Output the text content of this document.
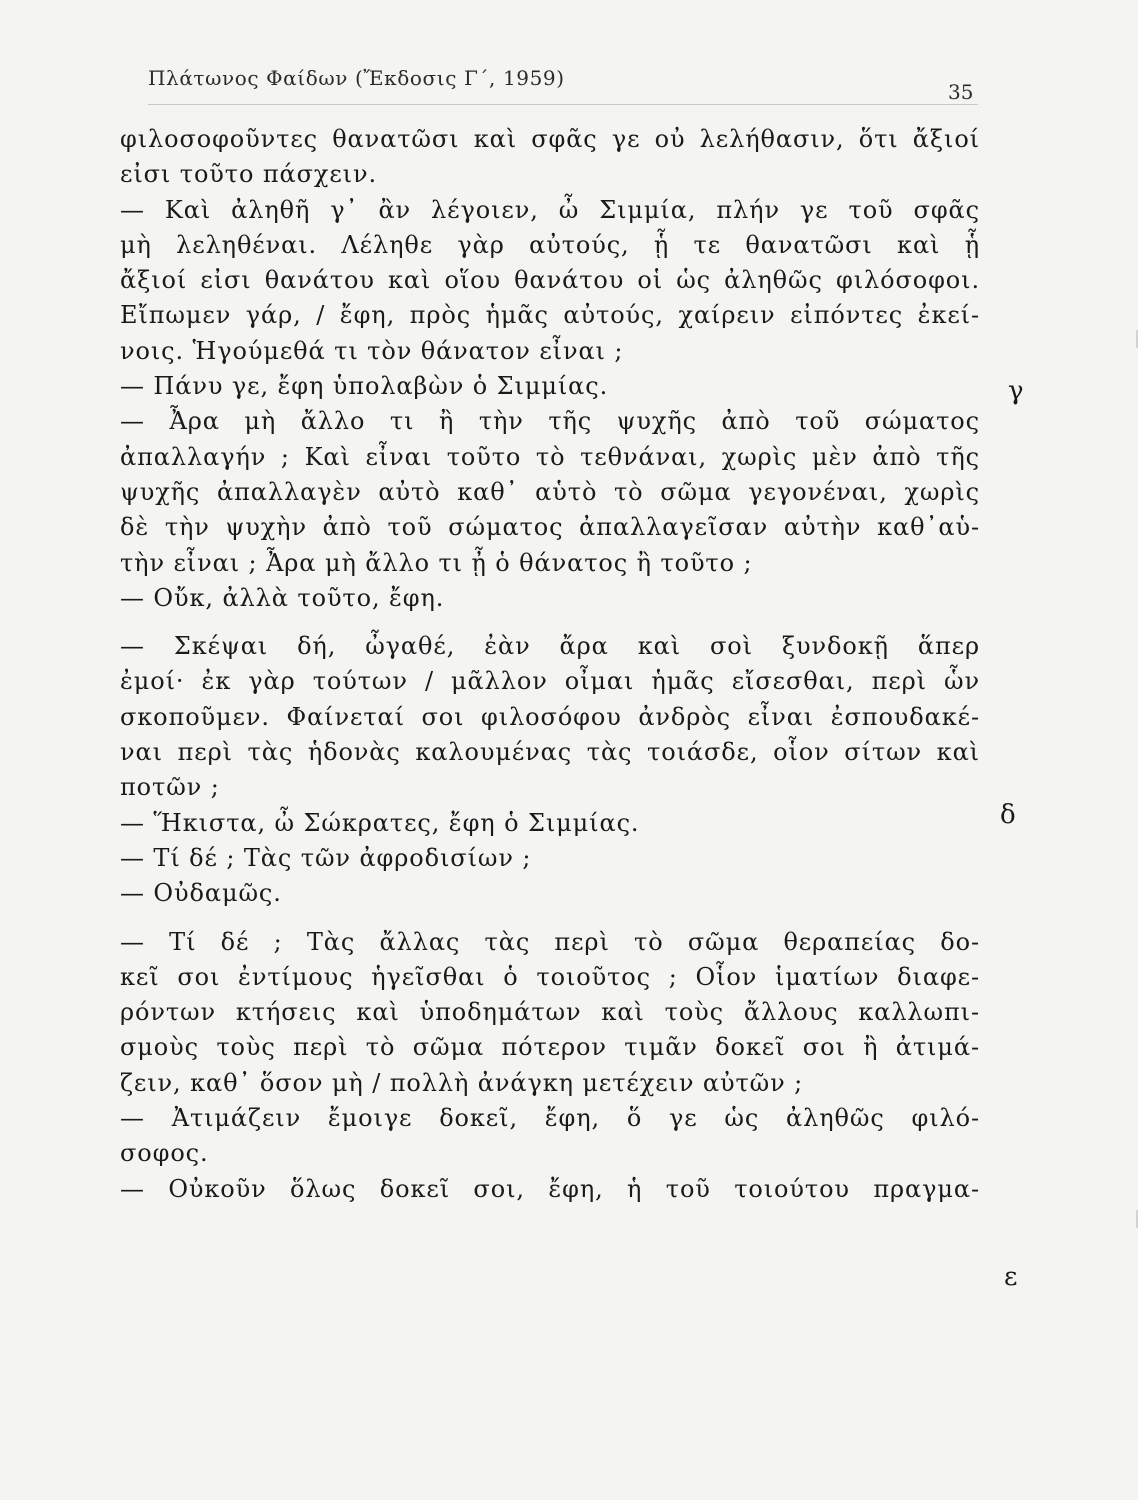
Πλάτωνος Φαίδων (Ἔκδοσις Γ΄, 1959)
35
φιλοσοφοῦντες θανατῶσι καὶ σφᾶς γε οὐ λελήθασιν, ὅτι ἄξιοί
εἰσι τοῦτο πάσχειν.
— Καὶ ἀληθῆ γ᾽ ἂν λέγοιεν, ὦ Σιμμία, πλήν γε τοῦ σφᾶς
μὴ λεληθέναι. Λέληθε γὰρ αὐτούς, ᾗ τε θανατῶσι καὶ ᾗ
ἄξιοί εἰσι θανάτου καὶ οἵου θανάτου οἱ ὡς ἀληθῶς φιλόσοφοι.
Εἴπωμεν γάρ, / ἔφη, πρὸς ἡμᾶς αὐτούς, χαίρειν εἰπόντες ἐκεί-
νοις. Ἡγούμεθά τι τὸν θάνατον εἶναι ;
— Πάνυ γε, ἔφη ὑπολαβὼν ὁ Σιμμίας.
— Ἆρα μὴ ἄλλο τι ἢ τὴν τῆς ψυχῆς ἀπὸ τοῦ σώματος
ἀπαλλαγήν ; Καὶ εἶναι τοῦτο τὸ τεθνάναι, χωρὶς μὲν ἀπὸ τῆς
ψυχῆς ἀπαλλαγὲν αὐτὸ καθ᾽ αὑτὸ τὸ σῶμα γεγονέναι, χωρὶς
δὲ τὴν ψυχὴν ἀπὸ τοῦ σώματος ἀπαλλαγεῖσαν αὐτὴν καθ᾽αὑ-
τὴν εἶναι ; Ἆρα μὴ ἄλλο τι ᾖ ὁ θάνατος ἢ τοῦτο ;
— Οὔκ, ἀλλὰ τοῦτο, ἔφη.
— Σκέψαι δή, ὦγαθέ, ἐὰν ἄρα καὶ σοὶ ξυνδοκῇ ἅπερ
ἐμοί· ἐκ γὰρ τούτων / μᾶλλον οἶμαι ἡμᾶς εἴσεσθαι, περὶ ὧν
σκοποῦμεν. Φαίνεταί σοι φιλοσόφου ἀνδρὸς εἶναι ἐσπουδακέ-
ναι περὶ τὰς ἡδονὰς καλουμένας τὰς τοιάσδε, οἷον σίτων καὶ
ποτῶν ;
— Ἥκιστα, ὦ Σώκρατες, ἔφη ὁ Σιμμίας.
— Τί δέ ; Τὰς τῶν ἀφροδισίων ;
— Οὐδαμῶς.
— Τί δέ ; Τὰς ἄλλας τὰς περὶ τὸ σῶμα θεραπείας δο-
κεῖ σοι ἐντίμους ἡγεῖσθαι ὁ τοιοῦτος ; Οἷον ἱματίων διαφε-
ρόντων κτήσεις καὶ ὑποδημάτων καὶ τοὺς ἄλλους καλλωπι-
σμοὺς τοὺς περὶ τὸ σῶμα πότερον τιμᾶν δοκεῖ σοι ἢ ἀτιμά-
ζειν, καθ᾽ ὅσον μὴ / πολλὴ ἀνάγκη μετέχειν αὐτῶν ;
— Ἀτιμάζειν ἔμοιγε δοκεῖ, ἔφη, ὅ γε ὡς ἀληθῶς φιλό-
σοφος.
— Οὐκοῦν ὅλως δοκεῖ σοι, ἔφη, ἡ τοῦ τοιούτου πραγμα-
γ
δ
ε
